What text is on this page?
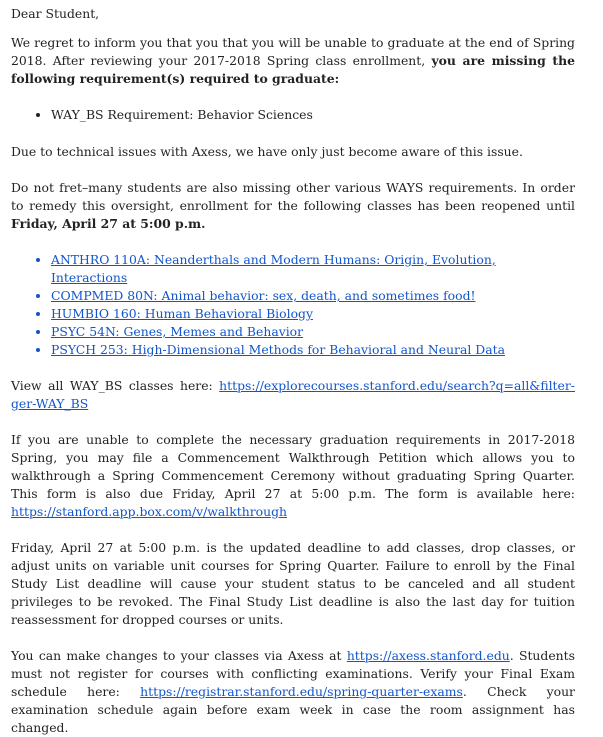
Dear Student,

We regret to inform you that you that you will be unable to graduate at the end of Spring 2018. After reviewing your 2017-2018 Spring class enrollment, you are missing the following requirement(s) required to graduate:

• WAY_BS Requirement: Behavior Sciences

Due to technical issues with Axess, we have only just become aware of this issue.

Do not fret–many students are also missing other various WAYS requirements. In order to remedy this oversight, enrollment for the following classes has been reopened until Friday, April 27 at 5:00 p.m.

• ANTHRO 110A: Neanderthals and Modern Humans: Origin, Evolution, Interactions
• COMPMED 80N: Animal behavior: sex, death, and sometimes food!
• HUMBIO 160: Human Behavioral Biology
• PSYC 54N: Genes, Memes and Behavior
• PSYCH 253: High-Dimensional Methods for Behavioral and Neural Data

View all WAY_BS classes here: https://explorecourses.stanford.edu/search?q=all&filter-ger-WAY_BS

If you are unable to complete the necessary graduation requirements in 2017-2018 Spring, you may file a Commencement Walkthrough Petition which allows you to walkthrough a Spring Commencement Ceremony without graduating Spring Quarter. This form is also due Friday, April 27 at 5:00 p.m. The form is available here: https://stanford.app.box.com/v/walkthrough

Friday, April 27 at 5:00 p.m. is the updated deadline to add classes, drop classes, or adjust units on variable unit courses for Spring Quarter. Failure to enroll by the Final Study List deadline will cause your student status to be canceled and all student privileges to be revoked. The Final Study List deadline is also the last day for tuition reassessment for dropped courses or units.

You can make changes to your classes via Axess at https://axess.stanford.edu. Students must not register for courses with conflicting examinations. Verify your Final Exam schedule here: https://registrar.stanford.edu/spring-quarter-exams. Check your examination schedule again before exam week in case the room assignment has changed.
